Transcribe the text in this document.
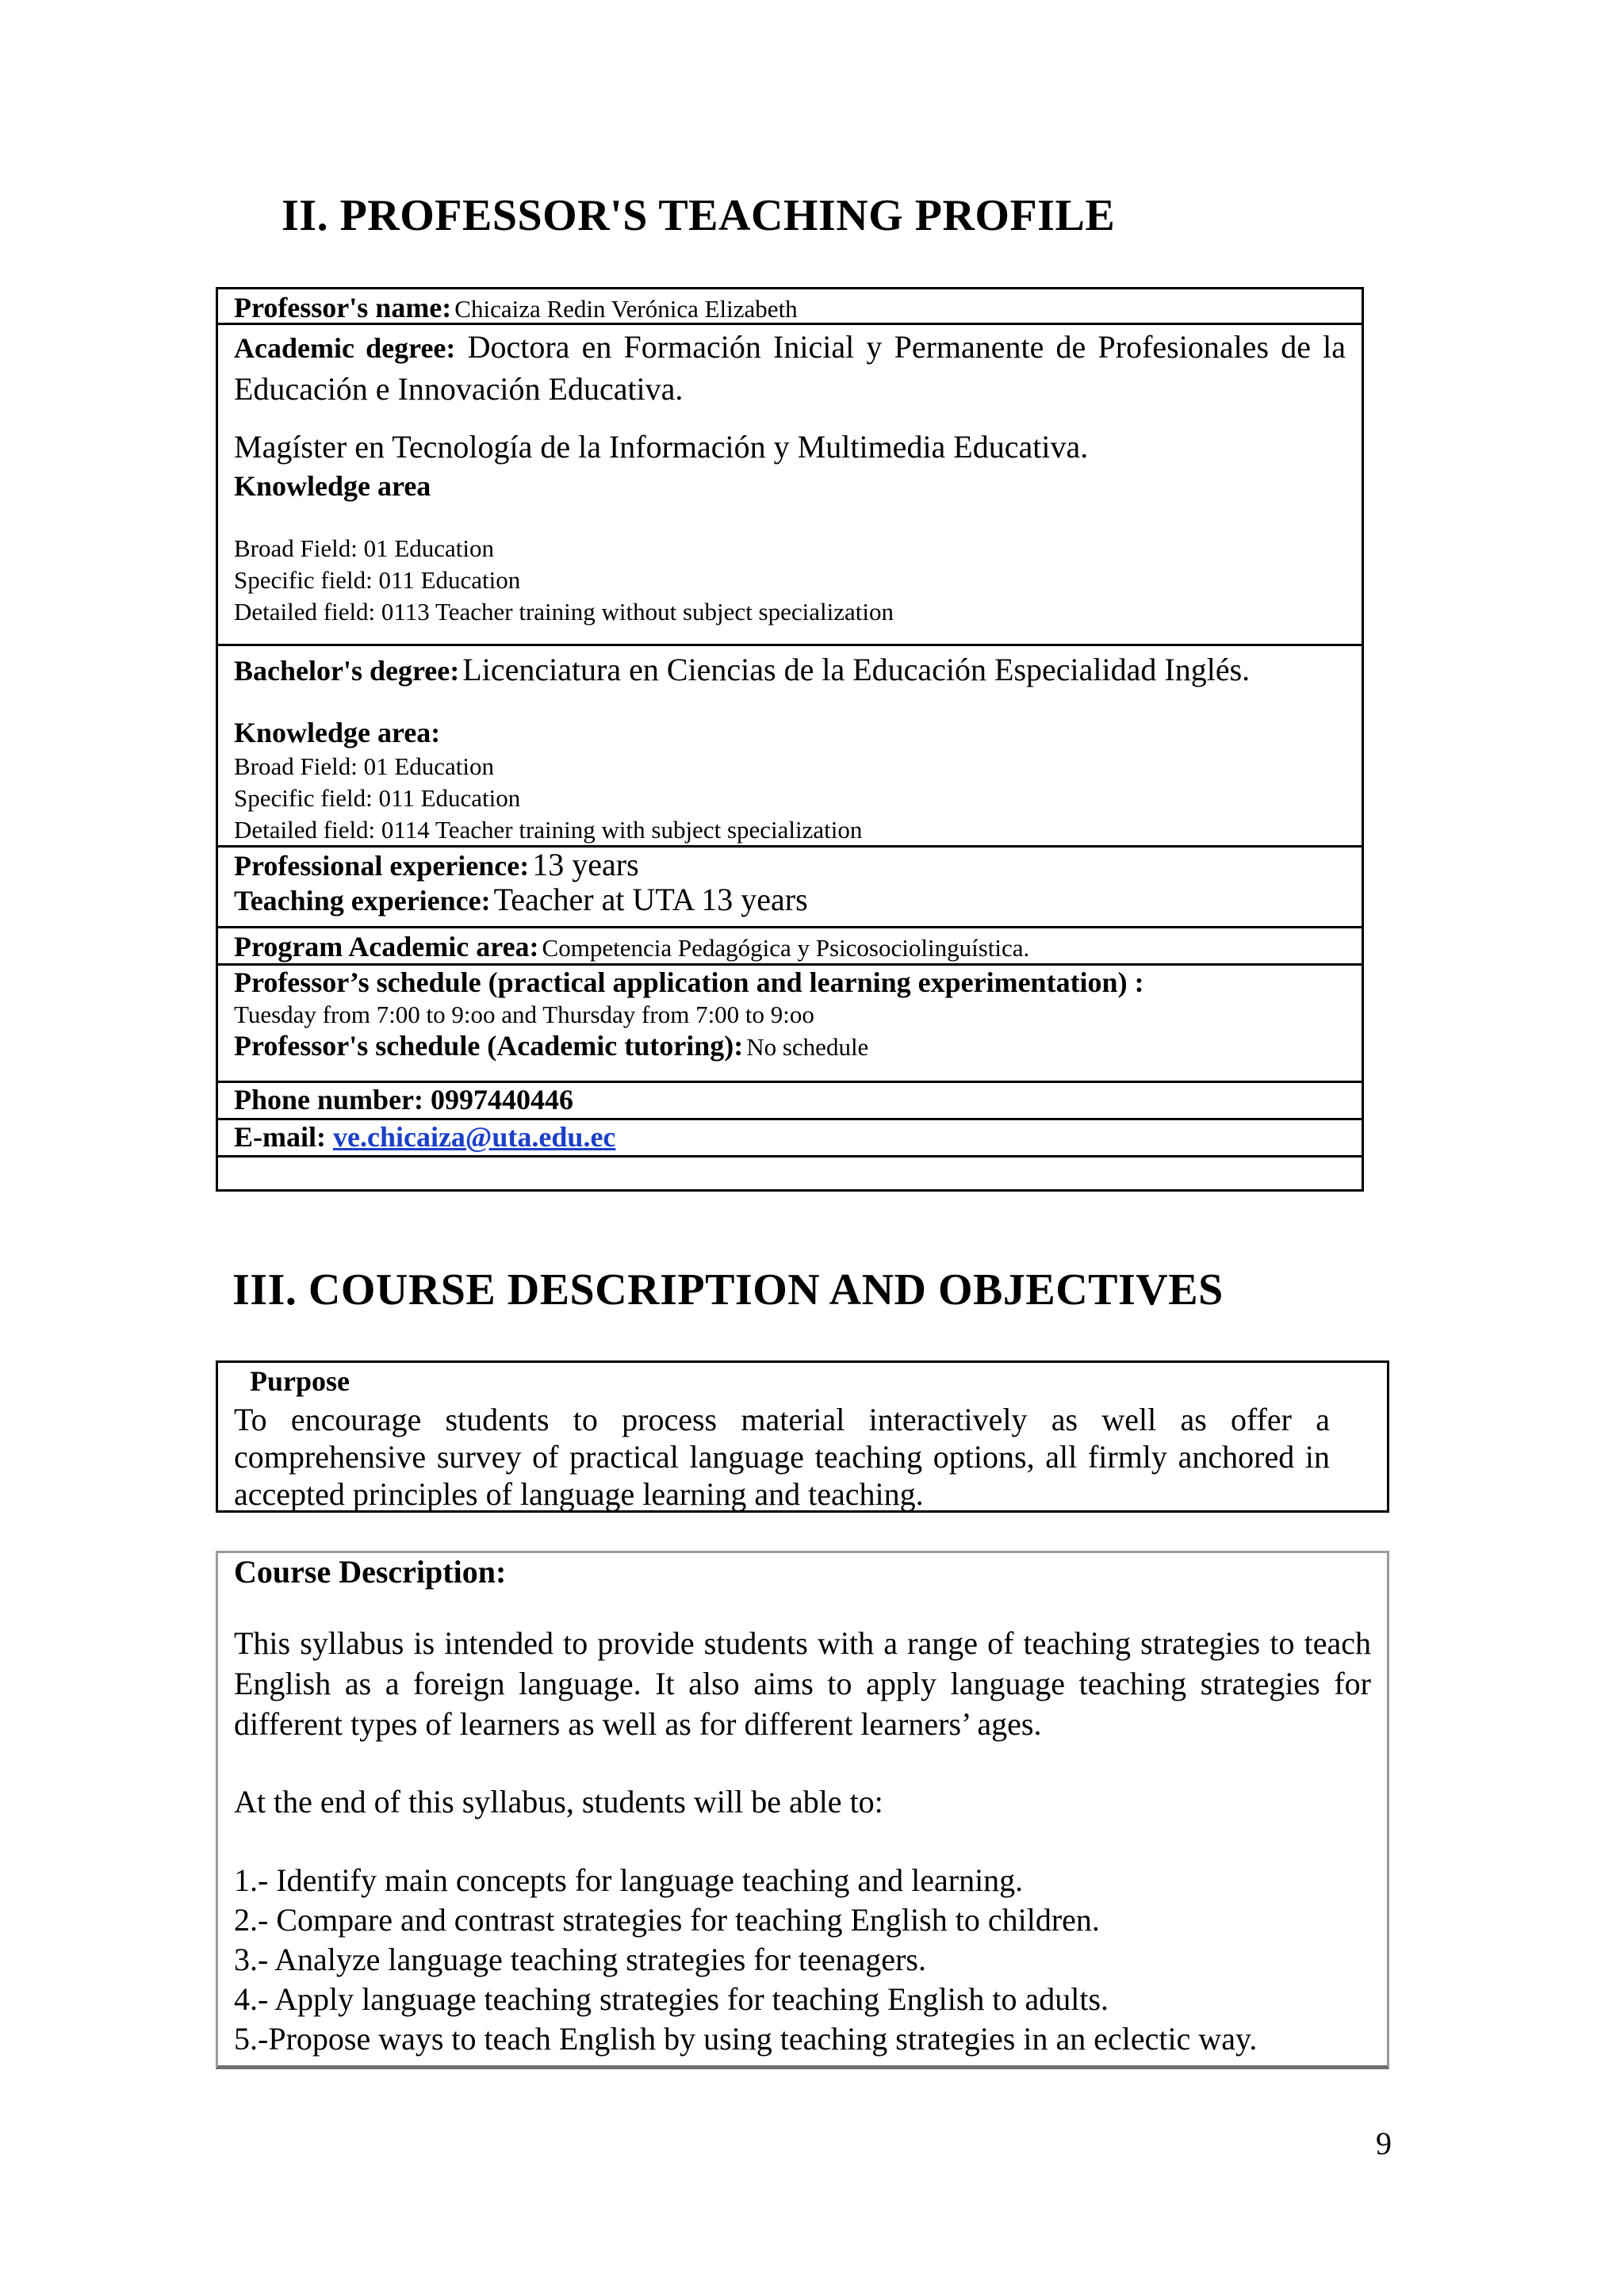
II. PROFESSOR'S TEACHING PROFILE
Professor's name: Chicaiza Redin Verónica Elizabeth
Academic degree: Doctora en Formación Inicial y Permanente de Profesionales de la Educación e Innovación Educativa.
Magíster en Tecnología de la Información y Multimedia Educativa.
Knowledge area
Broad Field: 01 Education
Specific field: 011 Education
Detailed field: 0113 Teacher training without subject specialization
Bachelor's degree: Licenciatura en Ciencias de la Educación Especialidad Inglés.
Knowledge area:
Broad Field: 01 Education
Specific field: 011 Education
Detailed field: 0114 Teacher training with subject specialization
Professional experience: 13 years
Teaching experience: Teacher at UTA 13 years
Program Academic area: Competencia Pedagógica y Psicosociolinguística.
Professor’s schedule (practical application and learning experimentation) :
Tuesday from 7:00 to 9:oo and Thursday from 7:00 to 9:oo
Professor's schedule (Academic tutoring): No schedule
Phone number: 0997440446
E-mail: ve.chicaiza@uta.edu.ec
III. COURSE DESCRIPTION AND OBJECTIVES
Purpose
To encourage students to process material interactively as well as offer a comprehensive survey of practical language teaching options, all firmly anchored in accepted principles of language learning and teaching.
Course Description:
This syllabus is intended to provide students with a range of teaching strategies to teach English as a foreign language. It also aims to apply language teaching strategies for different types of learners as well as for different learners’ ages.
At the end of this syllabus, students will be able to:
1.- Identify main concepts for language teaching and learning.
2.- Compare and contrast strategies for teaching English to children.
3.- Analyze language teaching strategies for teenagers.
4.- Apply language teaching strategies for teaching English to adults.
5.-Propose ways to teach English by using teaching strategies in an eclectic way.
9
